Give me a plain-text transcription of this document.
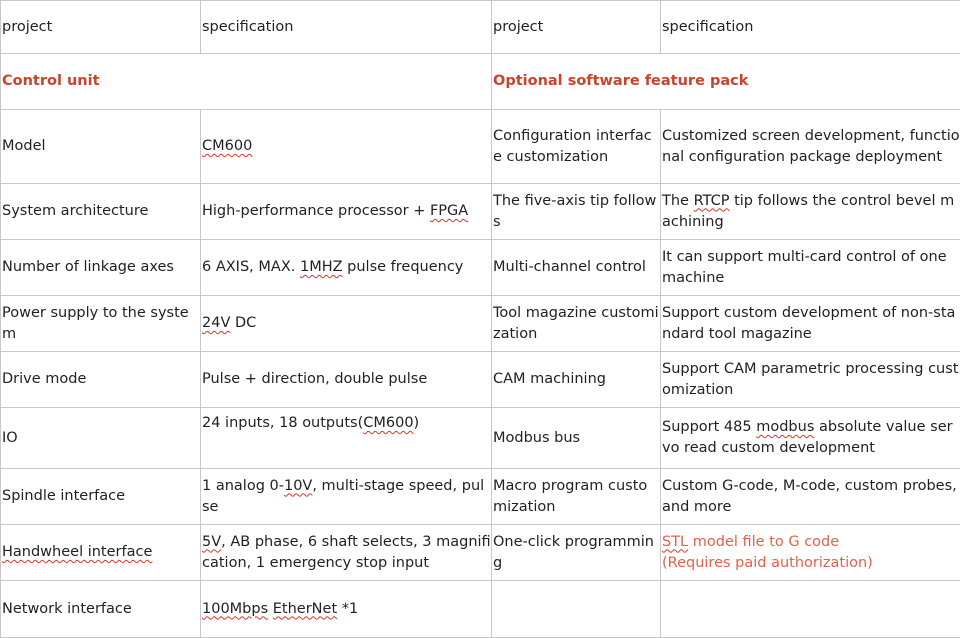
project	specification	project	specification
Control unit		Optional software feature pack	
Model	CM600	Configuration interface customization	Customized screen development, functional configuration package deployment
System architecture	High-performance processor + FPGA	The five-axis tip follows	The RTCP tip follows the control bevel machining
Number of linkage axes	6 AXIS, MAX. 1MHZ pulse frequency	Multi-channel control	It can support multi-card control of one machine
Power supply to the system	24V DC	Tool magazine customization	Support custom development of non-standard tool magazine
Drive mode	Pulse + direction, double pulse	CAM machining	Support CAM parametric processing customization
IO	24 inputs, 18 outputs(CM600)	Modbus bus	Support 485 modbus absolute value servo read custom development
Spindle interface	1 analog 0-10V, multi-stage speed, pulse	Macro program customization	Custom G-code, M-code, custom probes, and more
Handwheel interface	5V, AB phase, 6 shaft selects, 3 magnification, 1 emergency stop input	One-click programming	STL model file to G code
(Requires paid authorization)
Network interface	100Mbps EtherNet *1		
